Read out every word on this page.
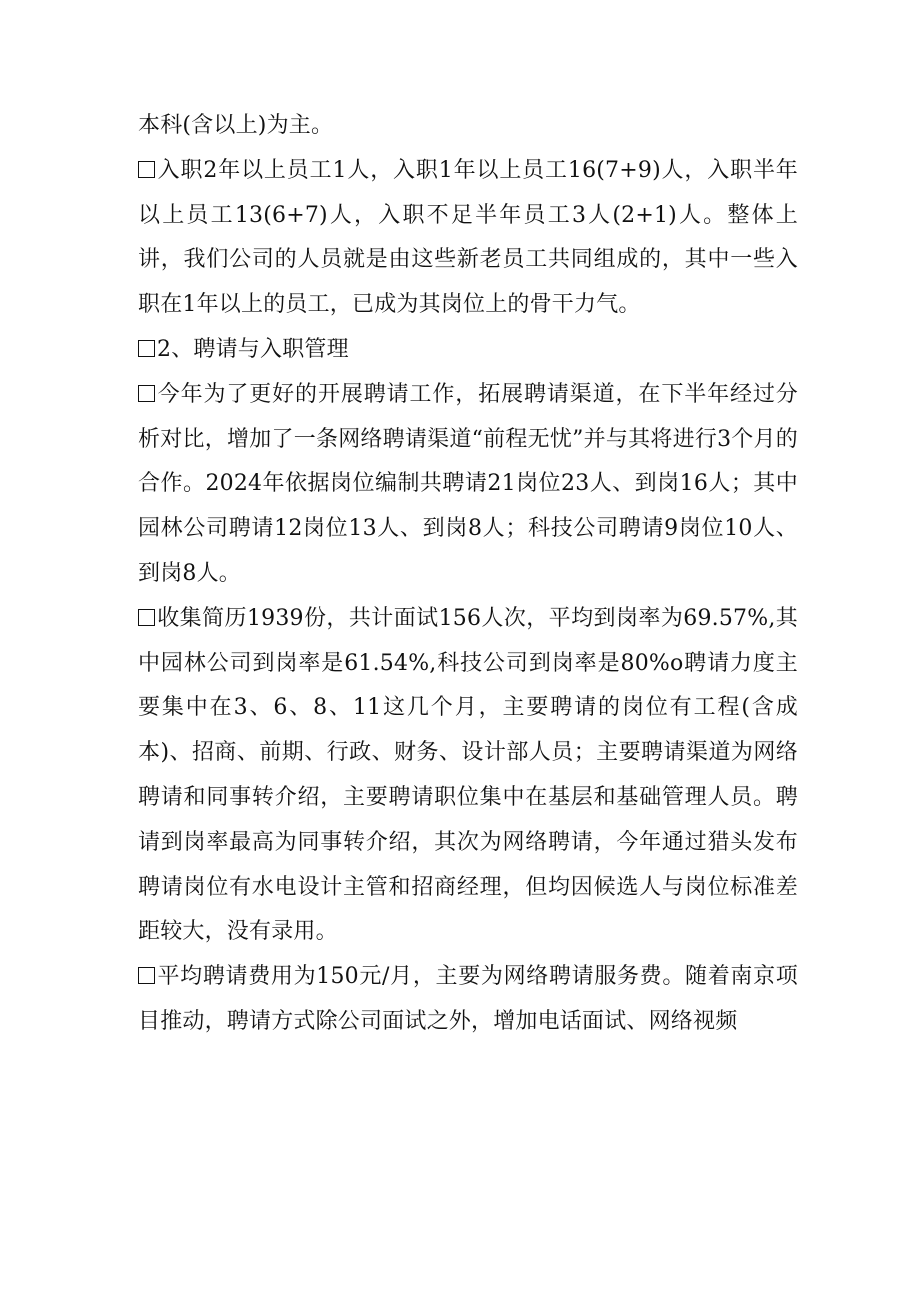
本科(含以上)为主。

入职2年以上员工1人，入职1年以上员工16(7+9)人，入职半年以上员工13(6+7)人，入职不足半年员工3人(2+1)人。整体上讲，我们公司的人员就是由这些新老员工共同组成的，其中一些入职在1年以上的员工，已成为其岗位上的骨干力气。

2、聘请与入职管理

今年为了更好的开展聘请工作，拓展聘请渠道，在下半年经过分析对比，增加了一条网络聘请渠道“前程无忧”并与其将进行3个月的合作。2024年依据岗位编制共聘请21岗位23人、到岗16人；其中园林公司聘请12岗位13人、到岗8人；科技公司聘请9岗位10人、到岗8人。

收集简历1939份，共计面试156人次，平均到岗率为69.57%,其中园林公司到岗率是61.54%,科技公司到岗率是80%o聘请力度主要集中在3、6、8、11这几个月，主要聘请的岗位有工程(含成本)、招商、前期、行政、财务、设计部人员；主要聘请渠道为网络聘请和同事转介绍，主要聘请职位集中在基层和基础管理人员。聘请到岗率最高为同事转介绍，其次为网络聘请，今年通过猎头发布聘请岗位有水电设计主管和招商经理，但均因候选人与岗位标准差距较大，没有录用。

平均聘请费用为150元/月，主要为网络聘请服务费。随着南京项目推动，聘请方式除公司面试之外，增加电话面试、网络视频
